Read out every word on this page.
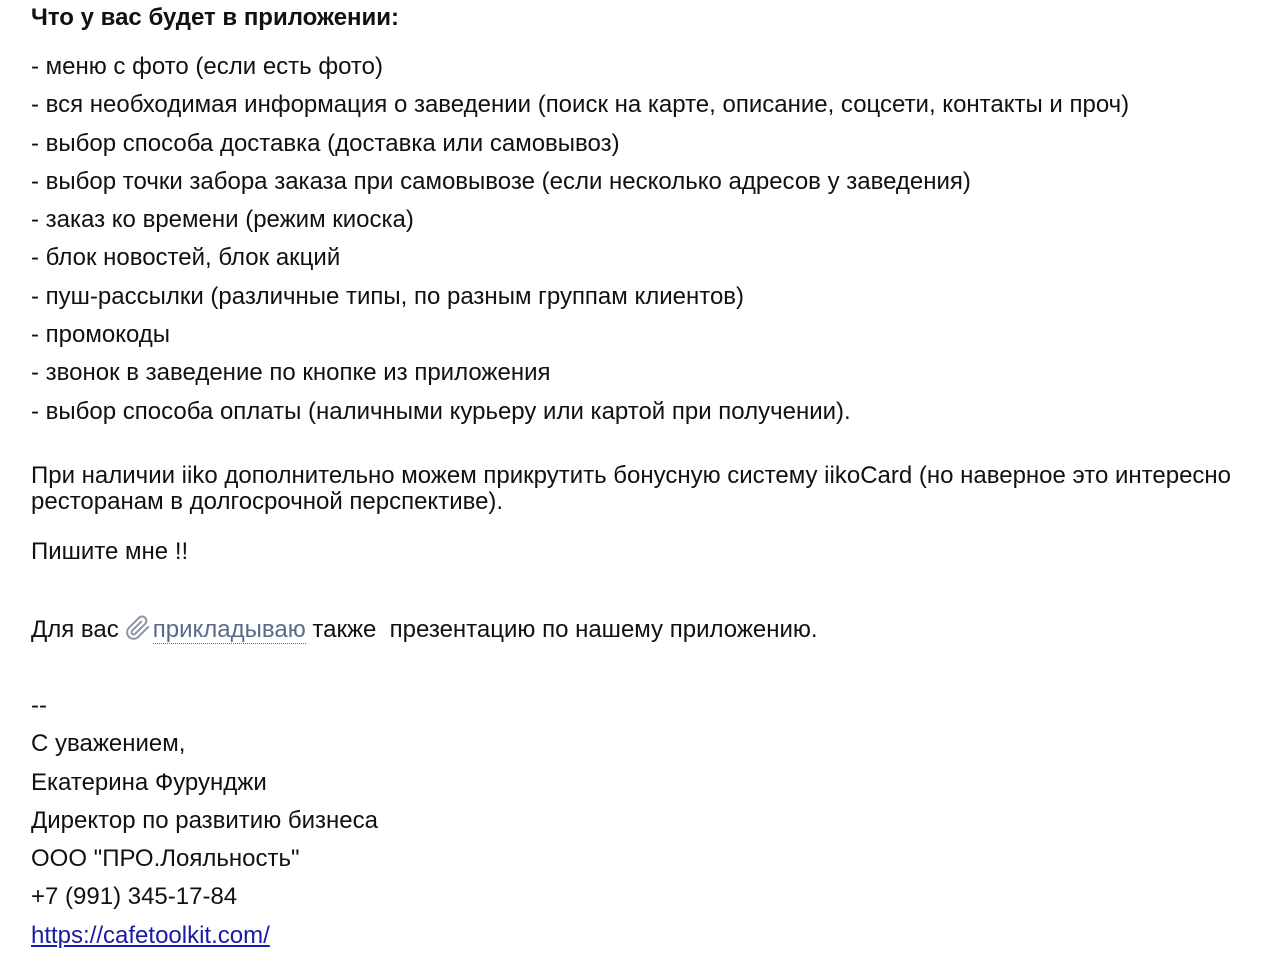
Что у вас будет в приложении:
- меню с фото (если есть фото)
- вся необходимая информация о заведении (поиск на карте, описание, соцсети, контакты и проч)
- выбор способа доставка (доставка или самовывоз)
- выбор точки забора заказа при самовывозе (если несколько адресов у заведения)
- заказ ко времени (режим киоска)
- блок новостей, блок акций
- пуш-рассылки (различные типы, по разным группам клиентов)
- промокоды
- звонок в заведение по кнопке из приложения
- выбор способа оплаты (наличными курьеру или картой при получении).
При наличии iiko дополнительно можем прикрутить бонусную систему iikoCard (но наверное это интересно ресторанам в долгосрочной перспективе).
Пишите мне !!
Для вас прикладываю также  презентацию по нашему приложению.
--
С уважением,
Екатерина Фурунджи
Директор по развитию бизнеса
ООО "ПРО.Лояльность"
+7 (991) 345-17-84
https://cafetoolkit.com/
